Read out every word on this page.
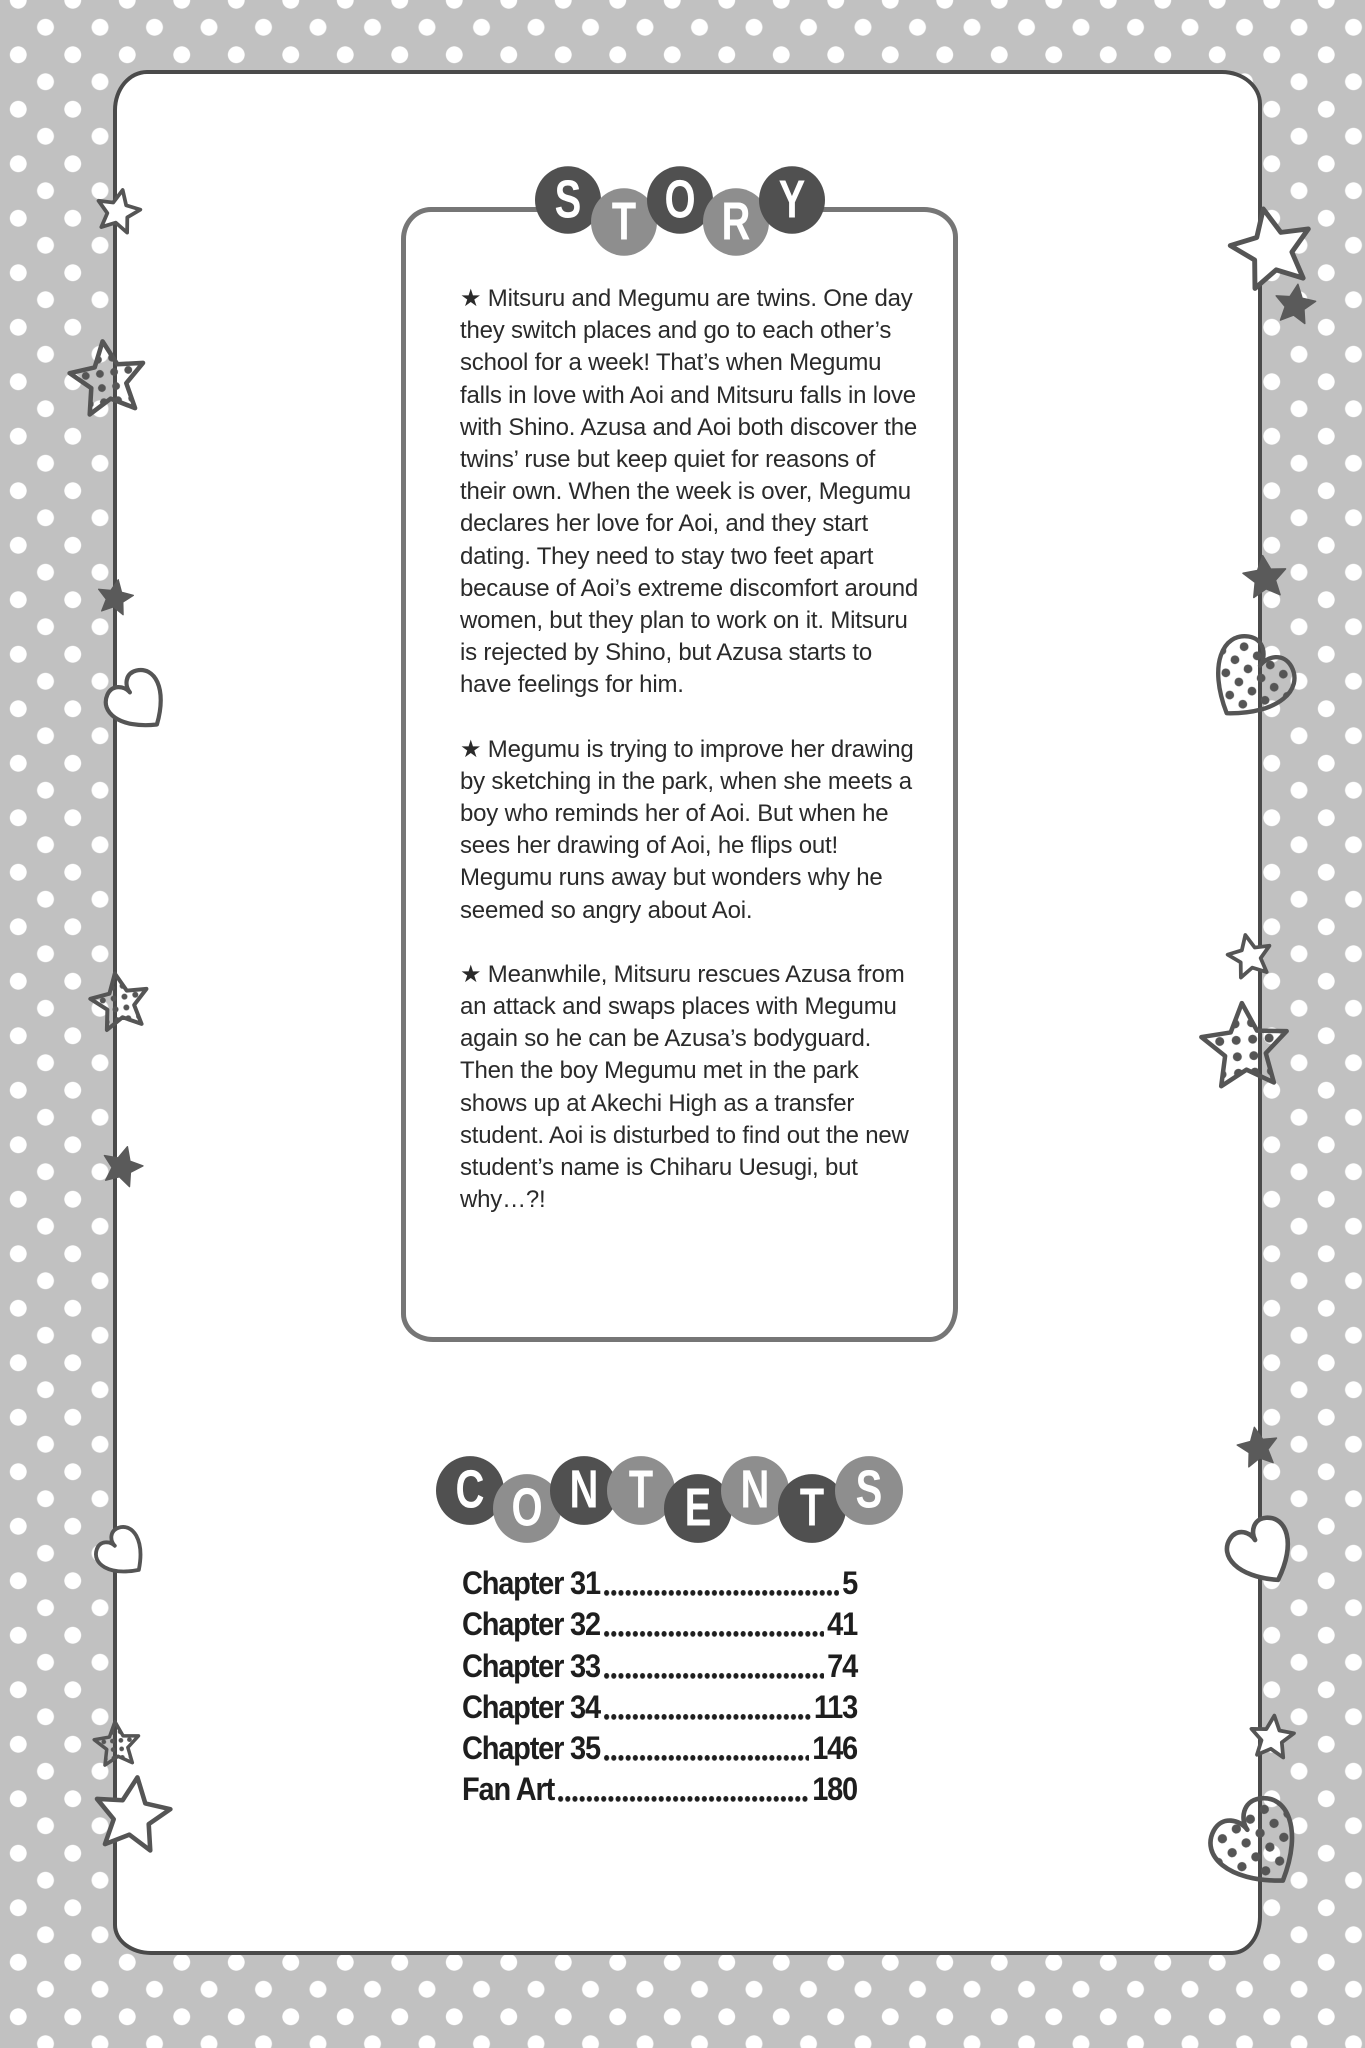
S T O R Y

★ Mitsuru and Megumu are twins. One day they switch places and go to each other’s school for a week! That’s when Megumu falls in love with Aoi and Mitsuru falls in love with Shino. Azusa and Aoi both discover the twins’ ruse but keep quiet for reasons of their own. When the week is over, Megumu declares her love for Aoi, and they start dating. They need to stay two feet apart because of Aoi’s extreme discomfort around women, but they plan to work on it. Mitsuru is rejected by Shino, but Azusa starts to have feelings for him.

★ Megumu is trying to improve her drawing by sketching in the park, when she meets a boy who reminds her of Aoi. But when he sees her drawing of Aoi, he flips out! Megumu runs away but wonders why he seemed so angry about Aoi.

★ Meanwhile, Mitsuru rescues Azusa from an attack and swaps places with Megumu again so he can be Azusa’s bodyguard. Then the boy Megumu met in the park shows up at Akechi High as a transfer student. Aoi is disturbed to find out the new student’s name is Chiharu Uesugi, but why…?!

C O N T E N T S
Chapter 31	5
Chapter 32	41
Chapter 33	74
Chapter 34	113
Chapter 35	146
Fan Art	180
